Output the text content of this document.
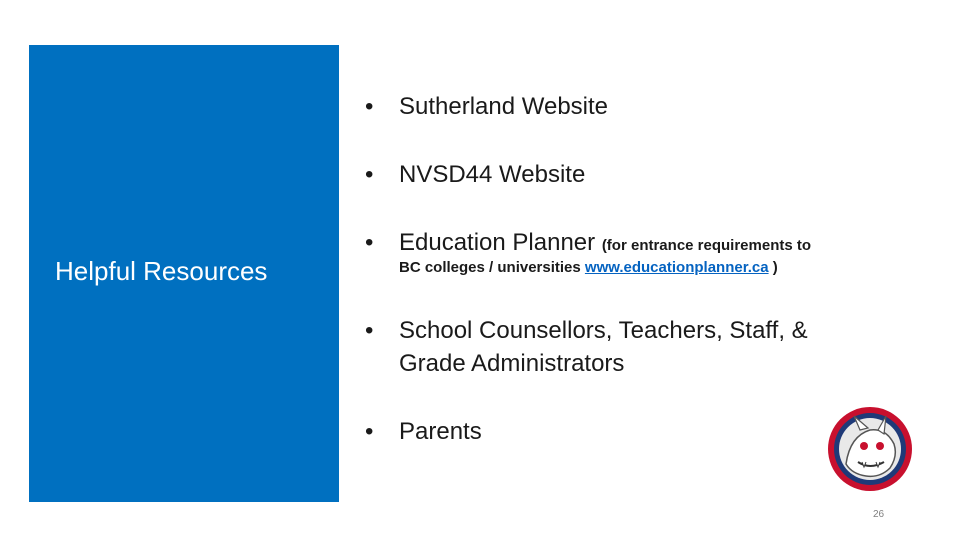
Helpful Resources
• Sutherland Website
• NVSD44 Website
• Education Planner (for entrance requirements to
BC colleges / universities www.educationplanner.ca )
• School Counsellors, Teachers, Staff, &
Grade Administrators
• Parents
26
